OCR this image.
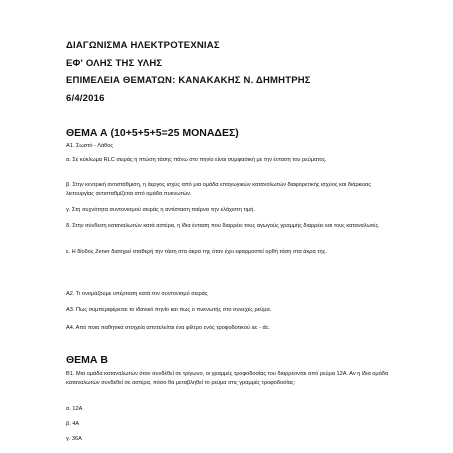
ΔΙΑΓΩΝΙΣΜΑ ΗΛΕΚΤΡΟΤΕΧΝΙΑΣ
ΕΦ' ΟΛΗΣ ΤΗΣ ΥΛΗΣ
ΕΠΙΜΕΛΕΙΑ ΘΕΜΑΤΩΝ: ΚΑΝΑΚΑΚΗΣ Ν. ΔΗΜΗΤΡΗΣ
6/4/2016
ΘΕΜΑ Α (10+5+5+5=25 ΜΟΝΑΔΕΣ)
Α1. Σωστό - Λάθος
α. Σε κύκλωμα RLC σειράς η πτώση τάσης πάνω στο πηνίο είναι συμφασική με την ένταση του ρεύματος.
β. Στην κεντρική αντιστάθμιση, η άεργος ισχύς από μια ομάδα επαγωγικών καταναλωτών διαφορετικής ισχύος και διάρκειας λειτουργίας αντισταθμίζεται από ομάδα πυκνωτών.
γ. Στη συχνότητα συντονισμού σειράς η αντίσταση παίρνει την ελάχιστη τιμή.
δ. Στην σύνδεση καταναλωτών κατά αστέρα, η ίδια ένταση που διαρρέει τους αγωγούς γραμμής διαρρέει και τους καταναλωτές.
ε. Η δίοδος Zener διατηρεί σταθερή την τάση στα άκρα της όταν έχει εφαρμοστεί ορθή τάση στα άκρα της.
Α2. Τι ονομάζουμε υπέρταση κατά τον συντονισμό σειράς
Α3. Πως συμπεριφέρεται το ιδανικό πηνίο και πως ο πυκνωτής στο συνεχές ρεύμα.
Α4. Από ποια παθητικά στοιχεία αποτελείται ένα φίλτρο ενός τροφοδοτικού ac - dc.
ΘΕΜΑ Β
Β1. Μια ομάδα καταναλωτών όταν συνδέθεί σε τρίγωνο, οι γραμμές τροφοδοσίας του διαρρέονται από ρεύμα 12Α. Αν η ίδια ομάδα καταναλωτών συνδεθεί σε αστέρα, πόσο θα μεταβληθεί το ρεύμα στις γραμμές τροφοδοσίας:
α. 12Α
β. 4Α
γ. 36Α
